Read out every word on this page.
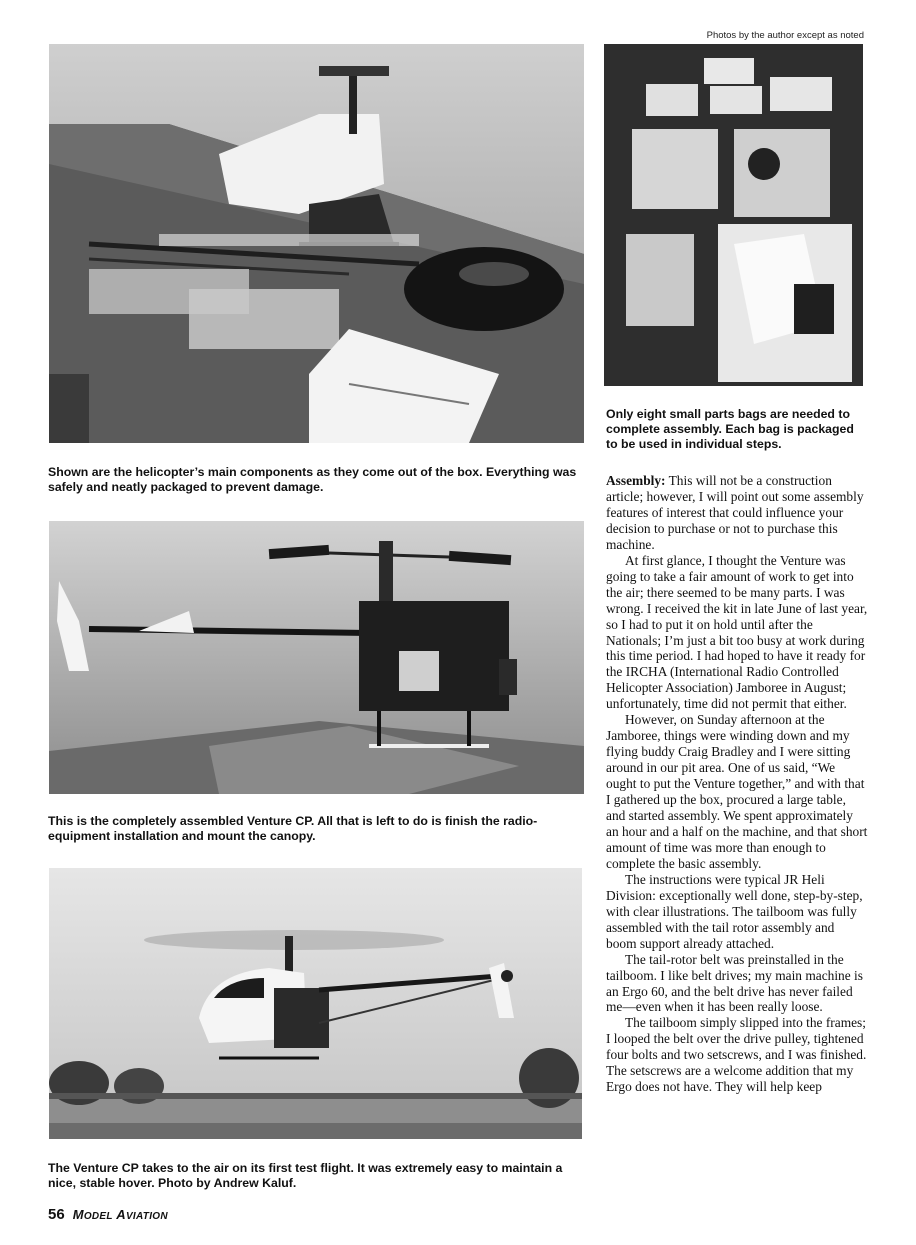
Photos by the author except as noted
Only eight small parts bags are needed to complete assembly. Each bag is packaged to be used in individual steps.
Shown are the helicopter’s main components as they come out of the box. Everything was safely and neatly packaged to prevent damage.
This is the completely assembled Venture CP. All that is left to do is finish the radio-equipment installation and mount the canopy.
The Venture CP takes to the air on its first test flight. It was extremely easy to maintain a nice, stable hover. Photo by Andrew Kaluf.

Assembly: This will not be a construction article; however, I will point out some assembly features of interest that could influence your decision to purchase or not to purchase this machine.

At first glance, I thought the Venture was going to take a fair amount of work to get into the air; there seemed to be many parts. I was wrong. I received the kit in late June of last year, so I had to put it on hold until after the Nationals; I’m just a bit too busy at work during this time period. I had hoped to have it ready for the IRCHA (International Radio Controlled Helicopter Association) Jamboree in August; unfortunately, time did not permit that either.

However, on Sunday afternoon at the Jamboree, things were winding down and my flying buddy Craig Bradley and I were sitting around in our pit area. One of us said, “We ought to put the Venture together,” and with that I gathered up the box, procured a large table, and started assembly. We spent approximately an hour and a half on the machine, and that short amount of time was more than enough to complete the basic assembly.

The instructions were typical JR Heli Division: exceptionally well done, step-by-step, with clear illustrations. The tailboom was fully assembled with the tail rotor assembly and boom support already attached.

The tail-rotor belt was preinstalled in the tailboom. I like belt drives; my main machine is an Ergo 60, and the belt drive has never failed me—even when it has been really loose.

The tailboom simply slipped into the frames; I looped the belt over the drive pulley, tightened four bolts and two setscrews, and I was finished. The setscrews are a welcome addition that my Ergo does not have. They will help keep

56 MODEL AVIATION
